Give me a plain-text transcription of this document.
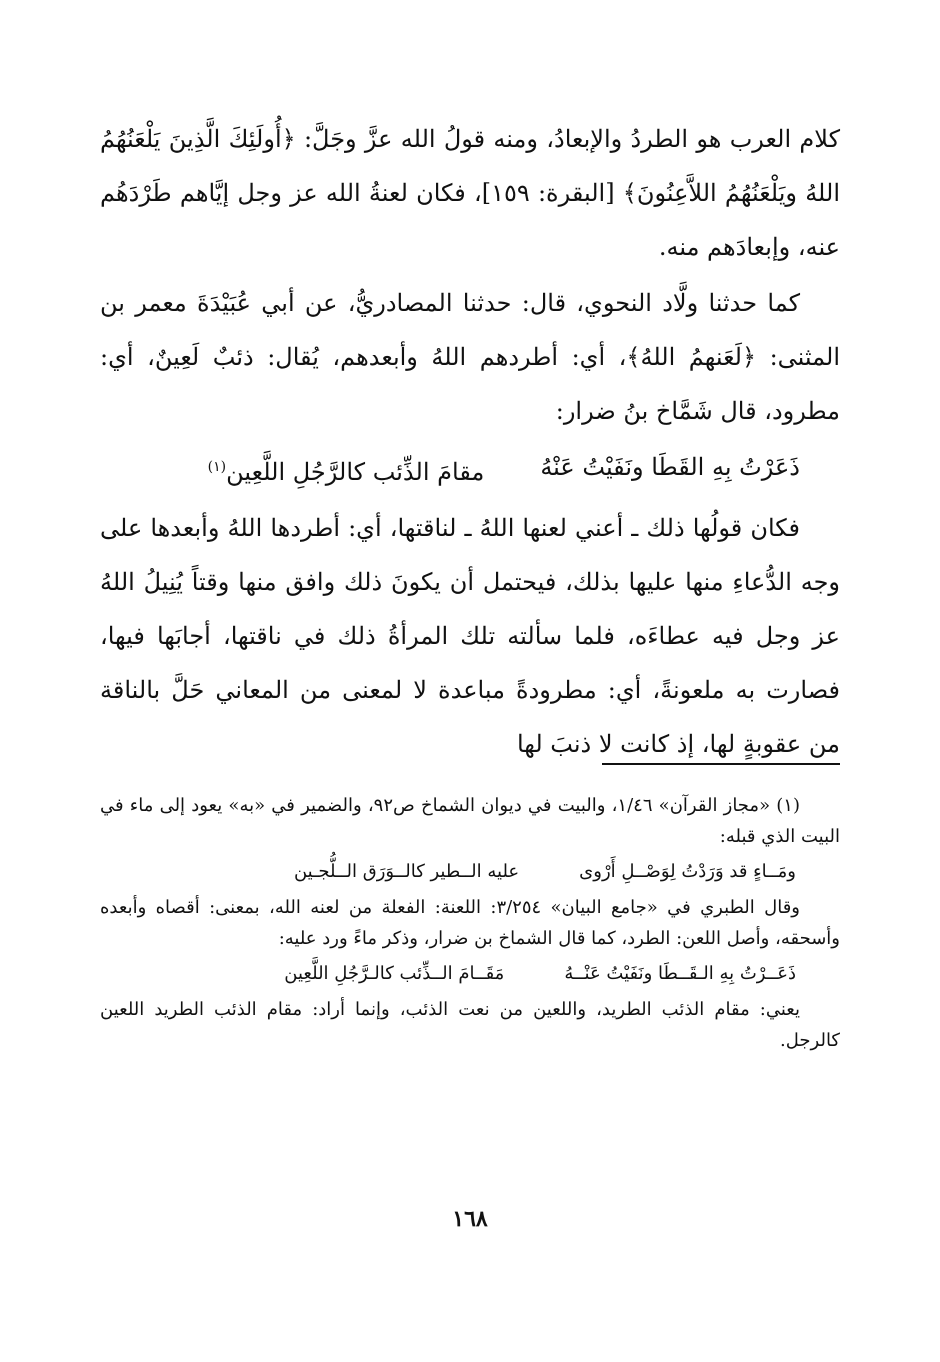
كلام العرب هو الطردُ والإبعادُ، ومنه قولُ الله عزَّ وجَلَّ: ﴿أُولَئِكَ الَّذِينَ يَلْعَنُهُمُ اللهُ ويَلْعَنُهُمُ اللاَّعِنُونَ﴾ [البقرة: ١٥٩]، فكان لعنةُ الله عز وجل إيَّاهم طَرْدَهُم عنه، وإبعادَهم منه.

كما حدثنا ولَّاد النحوي، قال: حدثنا المصادريُّ، عن أبي عُبَيْدَةَ معمر بن المثنى: ﴿لَعَنهمُ اللهُ﴾، أي: أطردهم اللهُ وأبعدهم، يُقال: ذئبٌ لَعِينٌ، أي: مطرود، قال شَمَّاخ بنُ ضرار:

ذَعَرْتُ بِهِ القَطَا ونَفَيْتُ عَنْهُ
مقامَ الذِّئب كالرَّجُلِ اللَّعِين$^{(١)}$

فكان قولُها ذلك ـ أعني لعنها اللهُ ـ لناقتها، أي: أطردها اللهُ وأبعدها على وجه الدُّعاءِ منها عليها بذلك، فيحتمل أن يكونَ ذلك وافق منها وقتاً يُنِيلُ اللهُ عز وجل فيه عطاءَه، فلما سألته تلك المرأةُ ذلك في ناقتها، أجابَها فيها، فصارت به ملعونةً، أي: مطرودةً مباعدة لا لمعنى من المعاني حَلَّ بالناقة من عقوبةٍ لها، إذ كانت لا ذنبَ لها

(١) «مجاز القرآن» ١/٤٦، والبيت في ديوان الشماخ ص٩٢، والضمير في «به» يعود إلى ماء في البيت الذي قبله:

ومَــاءٍ قد وَرَدْتُ لِوَصْــلِ أَرْوى
عليه الــطير كالــوَرَق الــلُّجـين

وقال الطبري في «جامع البيان» ٣/٢٥٤: اللعنة: الفعلة من لعنه الله، بمعنى: أقصاه وأبعده وأسحقه، وأصل اللعن: الطرد، كما قال الشماخ بن ضرار، وذكر ماءً ورد عليه:

ذَعَــرْتُ بِهِ الـقَــطَا ونَفَيْتُ عَنْــهُ
مَقَــامَ الــذِّئب كالـرَّجُلِ اللَّعِين

يعني: مقام الذئب الطريد، واللعين من نعت الذئب، وإنما أراد: مقام الذئب الطريد اللعين كالرجل.

١٦٨
